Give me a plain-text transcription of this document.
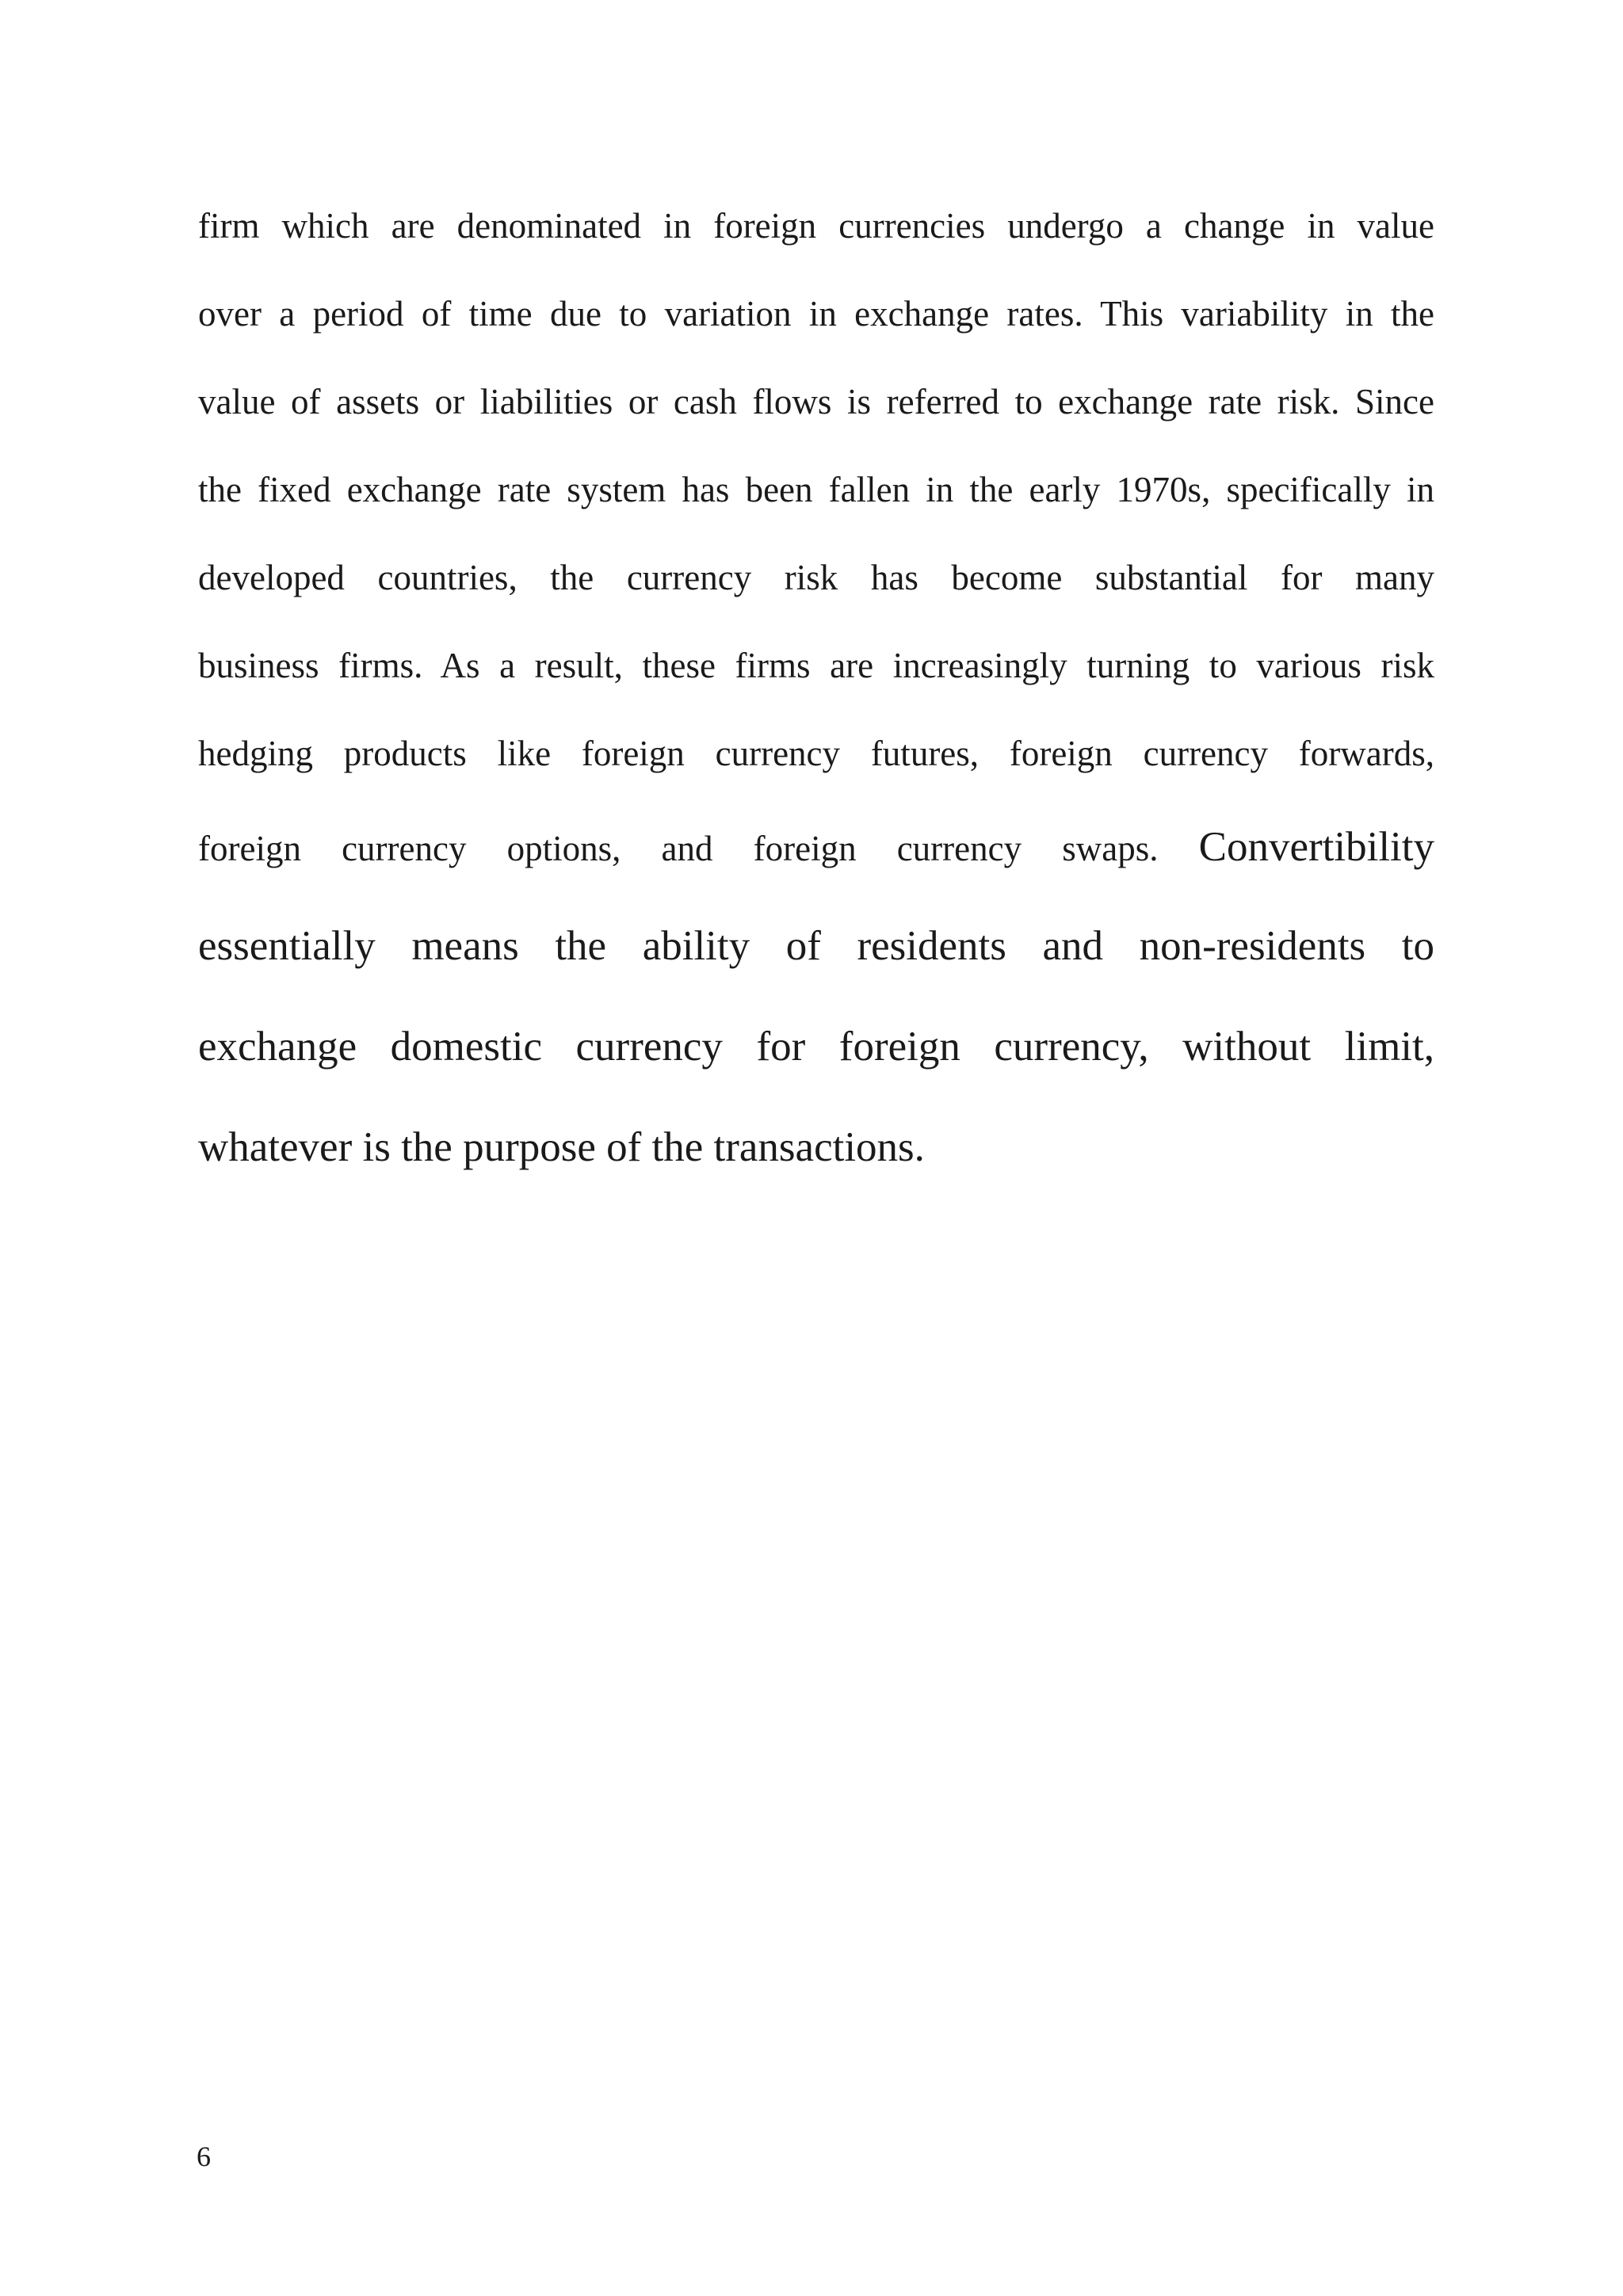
firm which are denominated in foreign currencies undergo a change in value
over a period of time due to variation in exchange rates. This variability in the
value of assets or liabilities or cash flows is referred to exchange rate risk. Since
the fixed exchange rate system has been fallen in the early 1970s, specifically in
developed countries, the currency risk has become substantial for many
business firms. As a result, these firms are increasingly turning to various risk
hedging products like foreign currency futures, foreign currency forwards,
foreign currency options, and foreign currency swaps. Convertibility
essentially means the ability of residents and non-residents to
exchange domestic currency for foreign currency, without limit,
whatever is the purpose of the transactions.
6
